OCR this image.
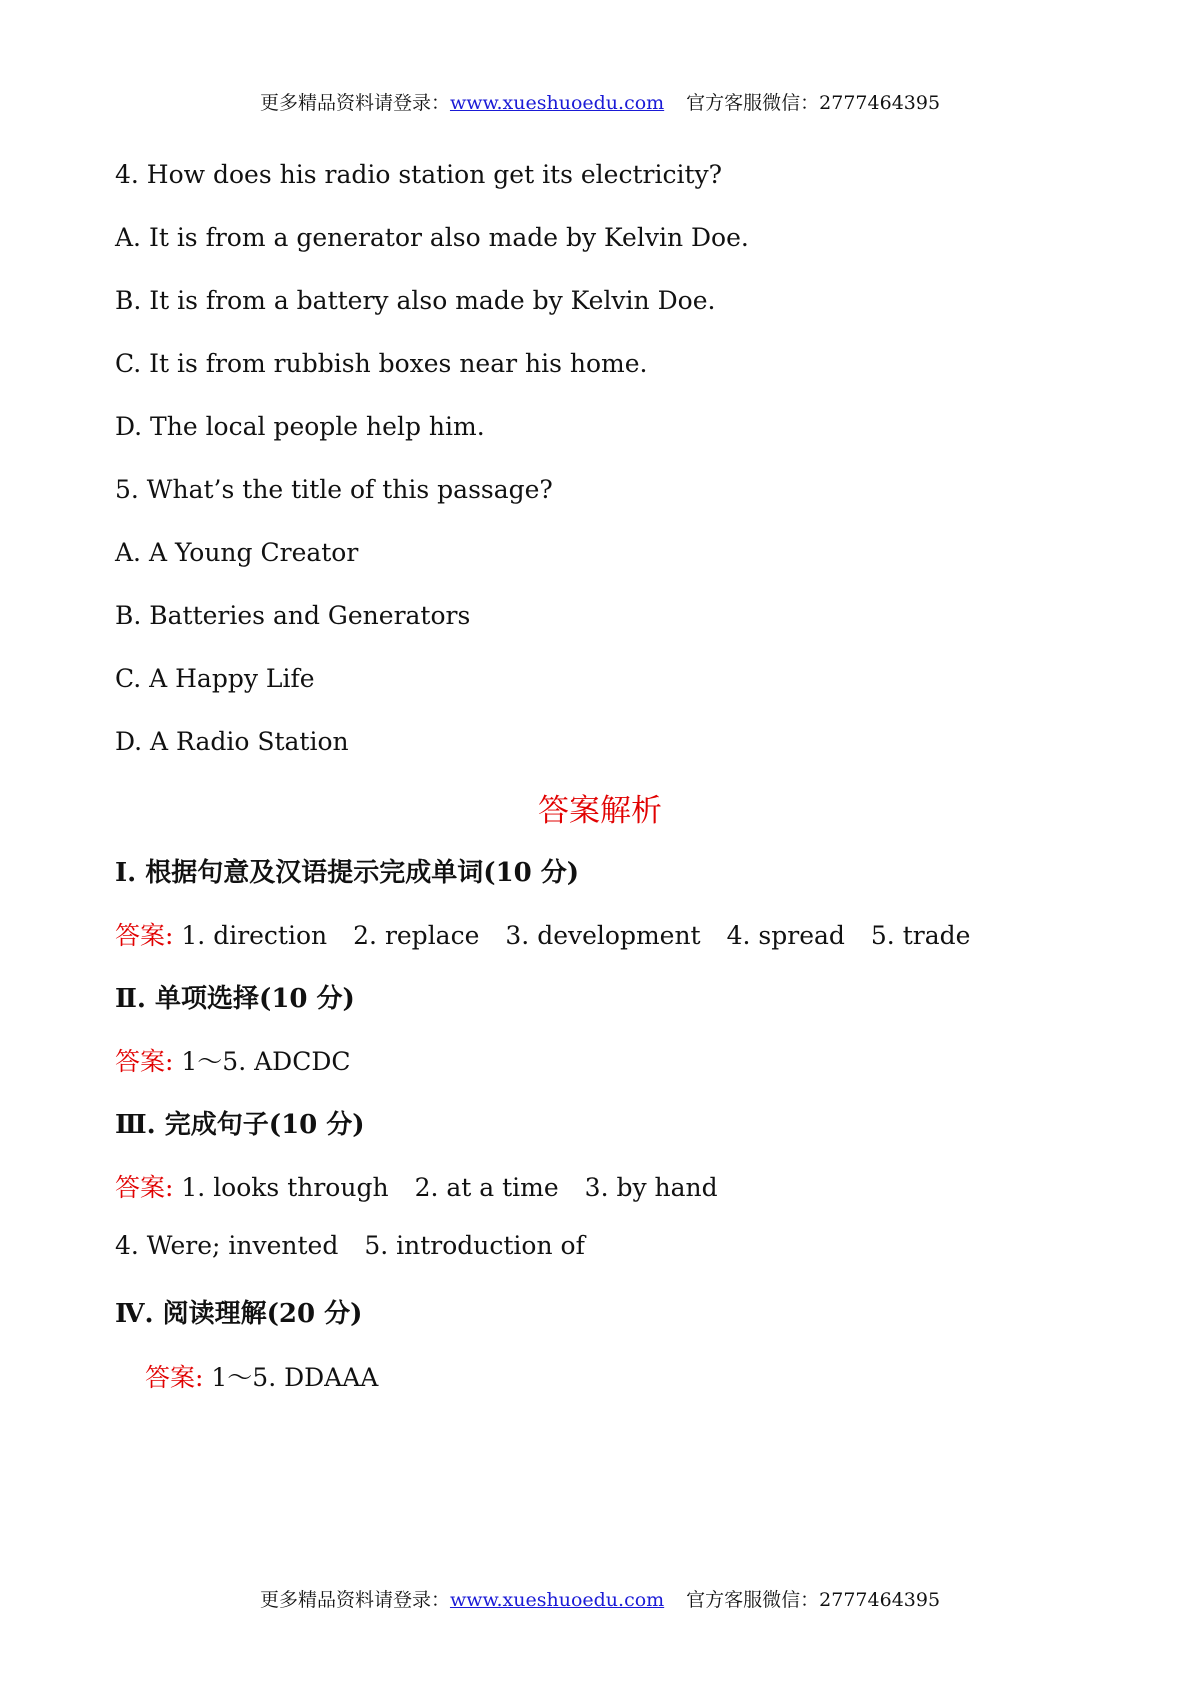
更多精品资料请登录：www.xueshuoedu.com 官方客服微信：2777464395
4. How does his radio station get its electricity?
A. It is from a generator also made by Kelvin Doe.
B. It is from a battery also made by Kelvin Doe.
C. It is from rubbish boxes near his home.
D. The local people help him.
5. What’s the title of this passage?
A. A Young Creator
B. Batteries and Generators
C. A Happy Life
D. A Radio Station
答案解析
Ⅰ. 根据句意及汉语提示完成单词(10 分)
答案: 1. direction 2. replace 3. development 4. spread 5. trade
Ⅱ. 单项选择(10 分)
答案: 1～5. ADCDC
Ⅲ. 完成句子(10 分)
答案: 1. looks through 2. at a time 3. by hand
4. Were; invented 5. introduction of
Ⅳ. 阅读理解(20 分)
答案: 1～5. DDAAA
更多精品资料请登录：www.xueshuoedu.com 官方客服微信：2777464395
